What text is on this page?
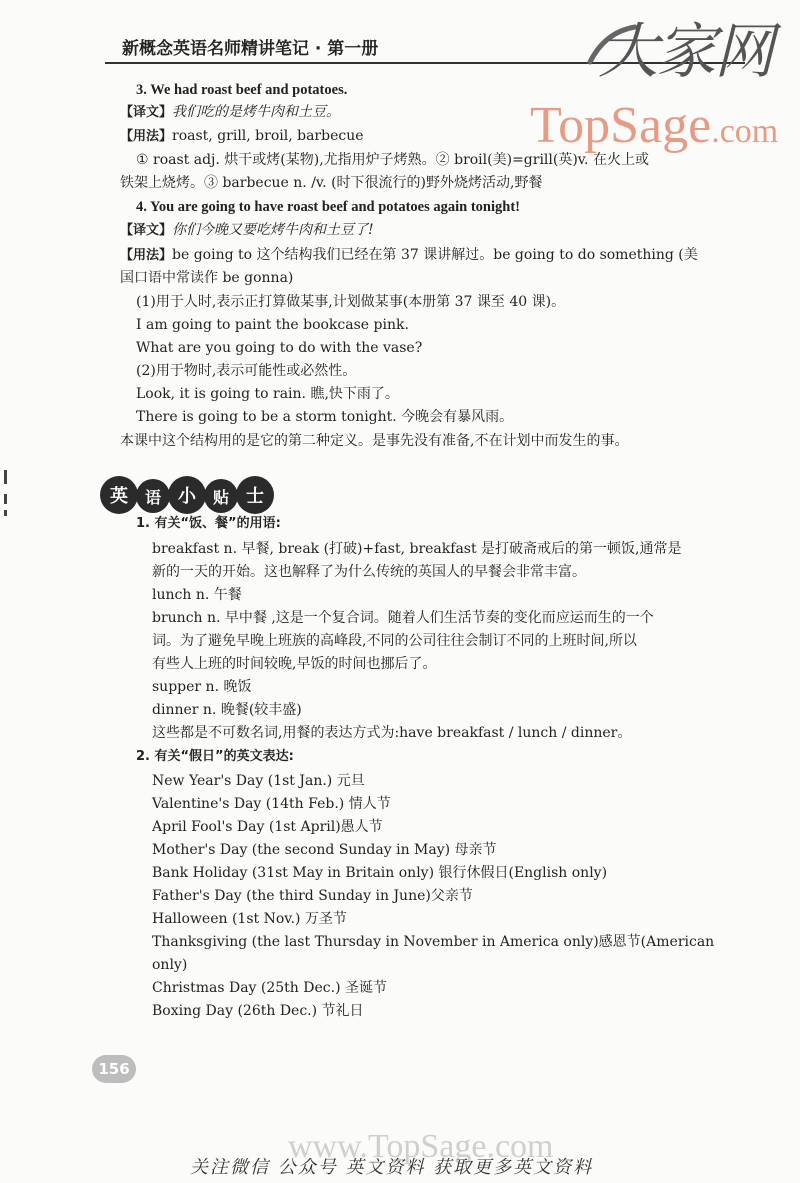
新概念英语名师精讲笔记 · 第一册	大家网
TopSage.com
3. We had roast beef and potatoes.
【译文】我们吃的是烤牛肉和土豆。
【用法】roast, grill, broil, barbecue
① roast adj. 烘干或烤(某物),尤指用炉子烤熟。② broil(美)=grill(英)v. 在火上或
铁架上烧烤。③ barbecue n. /v. (时下很流行的)野外烧烤活动,野餐
4. You are going to have roast beef and potatoes again tonight!
【译文】你们今晚又要吃烤牛肉和土豆了!
【用法】be going to 这个结构我们已经在第 37 课讲解过。be going to do something (美
国口语中常读作 be gonna)
(1)用于人时,表示正打算做某事,计划做某事(本册第 37 课至 40 课)。
I am going to paint the bookcase pink.
What are you going to do with the vase?
(2)用于物时,表示可能性或必然性。
Look, it is going to rain. 瞧,快下雨了。
There is going to be a storm tonight. 今晚会有暴风雨。
本课中这个结构用的是它的第二种定义。是事先没有准备,不在计划中而发生的事。
英	语 小	贴 士
1. 有关“饭、餐”的用语:
breakfast n. 早餐, break (打破)+fast, breakfast 是打破斋戒后的第一顿饭,通常是
新的一天的开始。这也解释了为什么传统的英国人的早餐会非常丰富。
lunch n. 午餐
brunch n. 早中餐 ,这是一个复合词。随着人们生活节奏的变化而应运而生的一个
词。为了避免早晚上班族的高峰段,不同的公司往往会制订不同的上班时间,所以
有些人上班的时间较晚,早饭的时间也挪后了。
supper n. 晚饭
dinner n. 晚餐(较丰盛)
这些都是不可数名词,用餐的表达方式为:have breakfast / lunch / dinner。
2. 有关“假日”的英文表达:
New Year's Day (1st Jan.) 元旦
Valentine's Day (14th Feb.) 情人节
April Fool's Day (1st April)愚人节
Mother's Day (the second Sunday in May) 母亲节
Bank Holiday (31st May in Britain only) 银行休假日(English only)
Father's Day (the third Sunday in June)父亲节
Halloween (1st Nov.) 万圣节
Thanksgiving (the last Thursday in November in America only)感恩节(American
only)
Christmas Day (25th Dec.) 圣诞节
Boxing Day (26th Dec.) 节礼日
156
www.TopSage.com
关注微信 公众号 英文资料 获取更多英文资料
